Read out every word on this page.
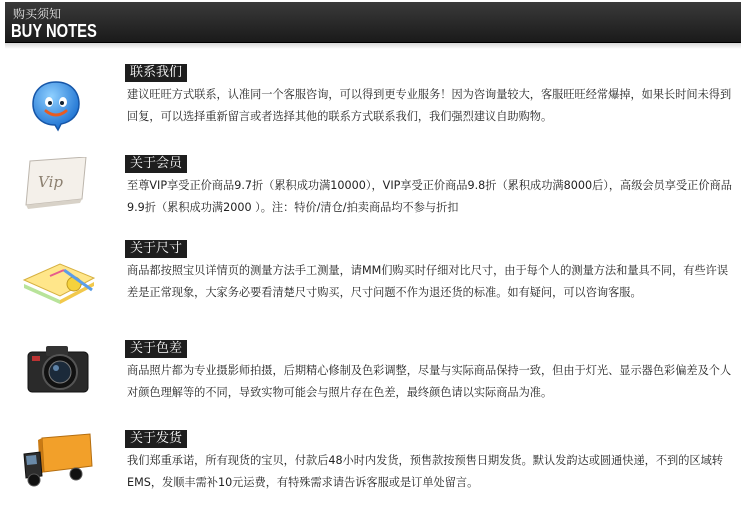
购买须知
BUY NOTES
联系我们
建议旺旺方式联系，认准同一个客服咨询，可以得到更专业服务！因为咨询量较大，客服旺旺经常爆掉，如果长时间未得到回复，可以选择重新留言或者选择其他的联系方式联系我们，我们强烈建议自助购物。
Vip
关于会员
至尊VIP享受正价商品9.7折（累积成功满10000），VIP享受正价商品9.8折（累积成功满8000后），高级会员享受正价商品9.9折（累积成功满2000 ）。注：特价/清仓/拍卖商品均不参与折扣
关于尺寸
商品都按照宝贝详情页的测量方法手工测量，请MM们购买时仔细对比尺寸，由于每个人的测量方法和量具不同，有些许误差是正常现象，大家务必要看清楚尺寸购买，尺寸问题不作为退还货的标准。如有疑问，可以咨询客服。
关于色差
商品照片都为专业摄影师拍摄，后期精心修制及色彩调整，尽量与实际商品保持一致，但由于灯光、显示器色彩偏差及个人对颜色理解等的不同，导致实物可能会与照片存在色差，最终颜色请以实际商品为准。
关于发货
我们郑重承诺，所有现货的宝贝，付款后48小时内发货，预售款按预售日期发货。默认发韵达或圆通快递，不到的区域转EMS，发顺丰需补10元运费，有特殊需求请告诉客服或是订单处留言。
